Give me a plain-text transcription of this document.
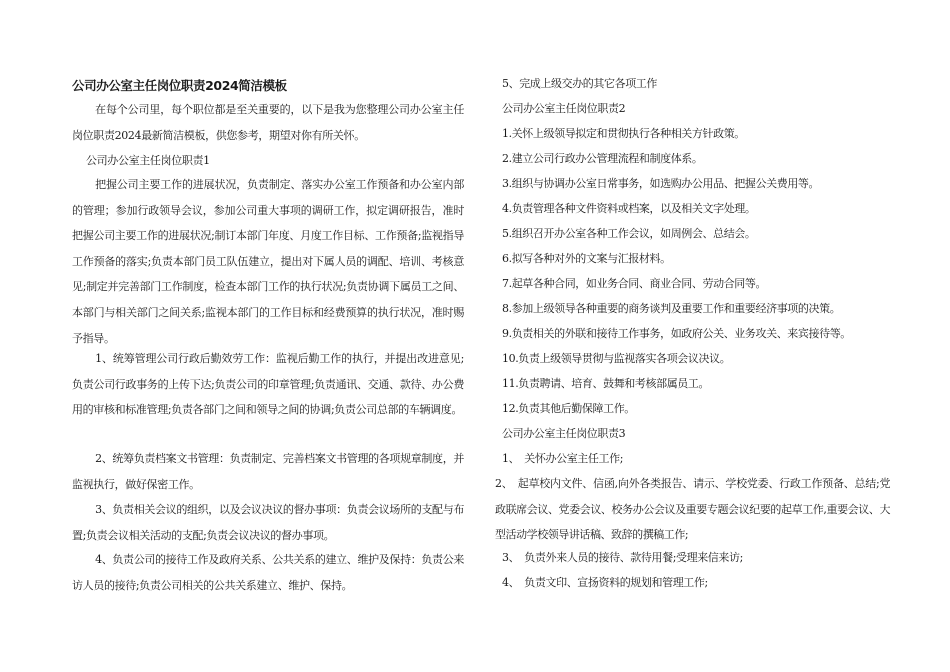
公司办公室主任岗位职责2024简洁模板

在每个公司里，每个职位都是至关重要的，以下是我为您整理公司办公室主任岗位职责2024最新简洁模板，供您参考，期望对你有所关怀。

公司办公室主任岗位职责1

把握公司主要工作的进展状况，负责制定、落实办公室工作预备和办公室内部的管理；参加行政领导会议，参加公司重大事项的调研工作，拟定调研报告，准时把握公司主要工作的进展状况;制订本部门年度、月度工作目标、工作预备;监视指导工作预备的落实;负责本部门员工队伍建立，提出对下属人员的调配、培训、考核意见;制定并完善部门工作制度，检查本部门工作的执行状况;负责协调下属员工之间、本部门与相关部门之间关系;监视本部门的工作目标和经费预算的执行状况，准时赐予指导。

1、统筹管理公司行政后勤效劳工作：监视后勤工作的执行，并提出改进意见;负责公司行政事务的上传下达;负责公司的印章管理;负责通讯、交通、款待、办公费用的审核和标准管理;负责各部门之间和领导之间的协调;负责公司总部的车辆调度。

2、统筹负责档案文书管理：负责制定、完善档案文书管理的各项规章制度，并监视执行，做好保密工作。

3、负责相关会议的组织，以及会议决议的督办事项：负责会议场所的支配与布置;负责会议相关活动的支配;负责会议决议的督办事项。

4、负责公司的接待工作及政府关系、公共关系的建立、维护及保持：负责公来访人员的接待;负责公司相关的公共关系建立、维护、保持。

5、完成上级交办的其它各项工作

公司办公室主任岗位职责2

1.关怀上级领导拟定和贯彻执行各种相关方针政策。

2.建立公司行政办公管理流程和制度体系。

3.组织与协调办公室日常事务，如选购办公用品、把握公关费用等。

4.负责管理各种文件资料或档案，以及相关文字处理。

5.组织召开办公室各种工作会议，如周例会、总结会。

6.拟写各种对外的文案与汇报材料。

7.起草各种合同，如业务合同、商业合同、劳动合同等。

8.参加上级领导各种重要的商务谈判及重要工作和重要经济事项的决策。

9.负责相关的外联和接待工作事务，如政府公关、业务攻关、来宾接待等。

10.负责上级领导贯彻与监视落实各项会议决议。

11.负责聘请、培育、鼓舞和考核部属员工。

12.负责其他后勤保障工作。

公司办公室主任岗位职责3

1、　关怀办公室主任工作;

2、　起草校内文件、信函,向外各类报告、请示、学校党委、行政工作预备、总结;党政联席会议、党委会议、校务办公会议及重要专题会议纪要的起草工作,重要会议、大型活动学校领导讲话稿、致辞的撰稿工作;

3、　负责外来人员的接待、款待用餐;受理来信来访;

4、　负责文印、宣扬资料的规划和管理工作;
